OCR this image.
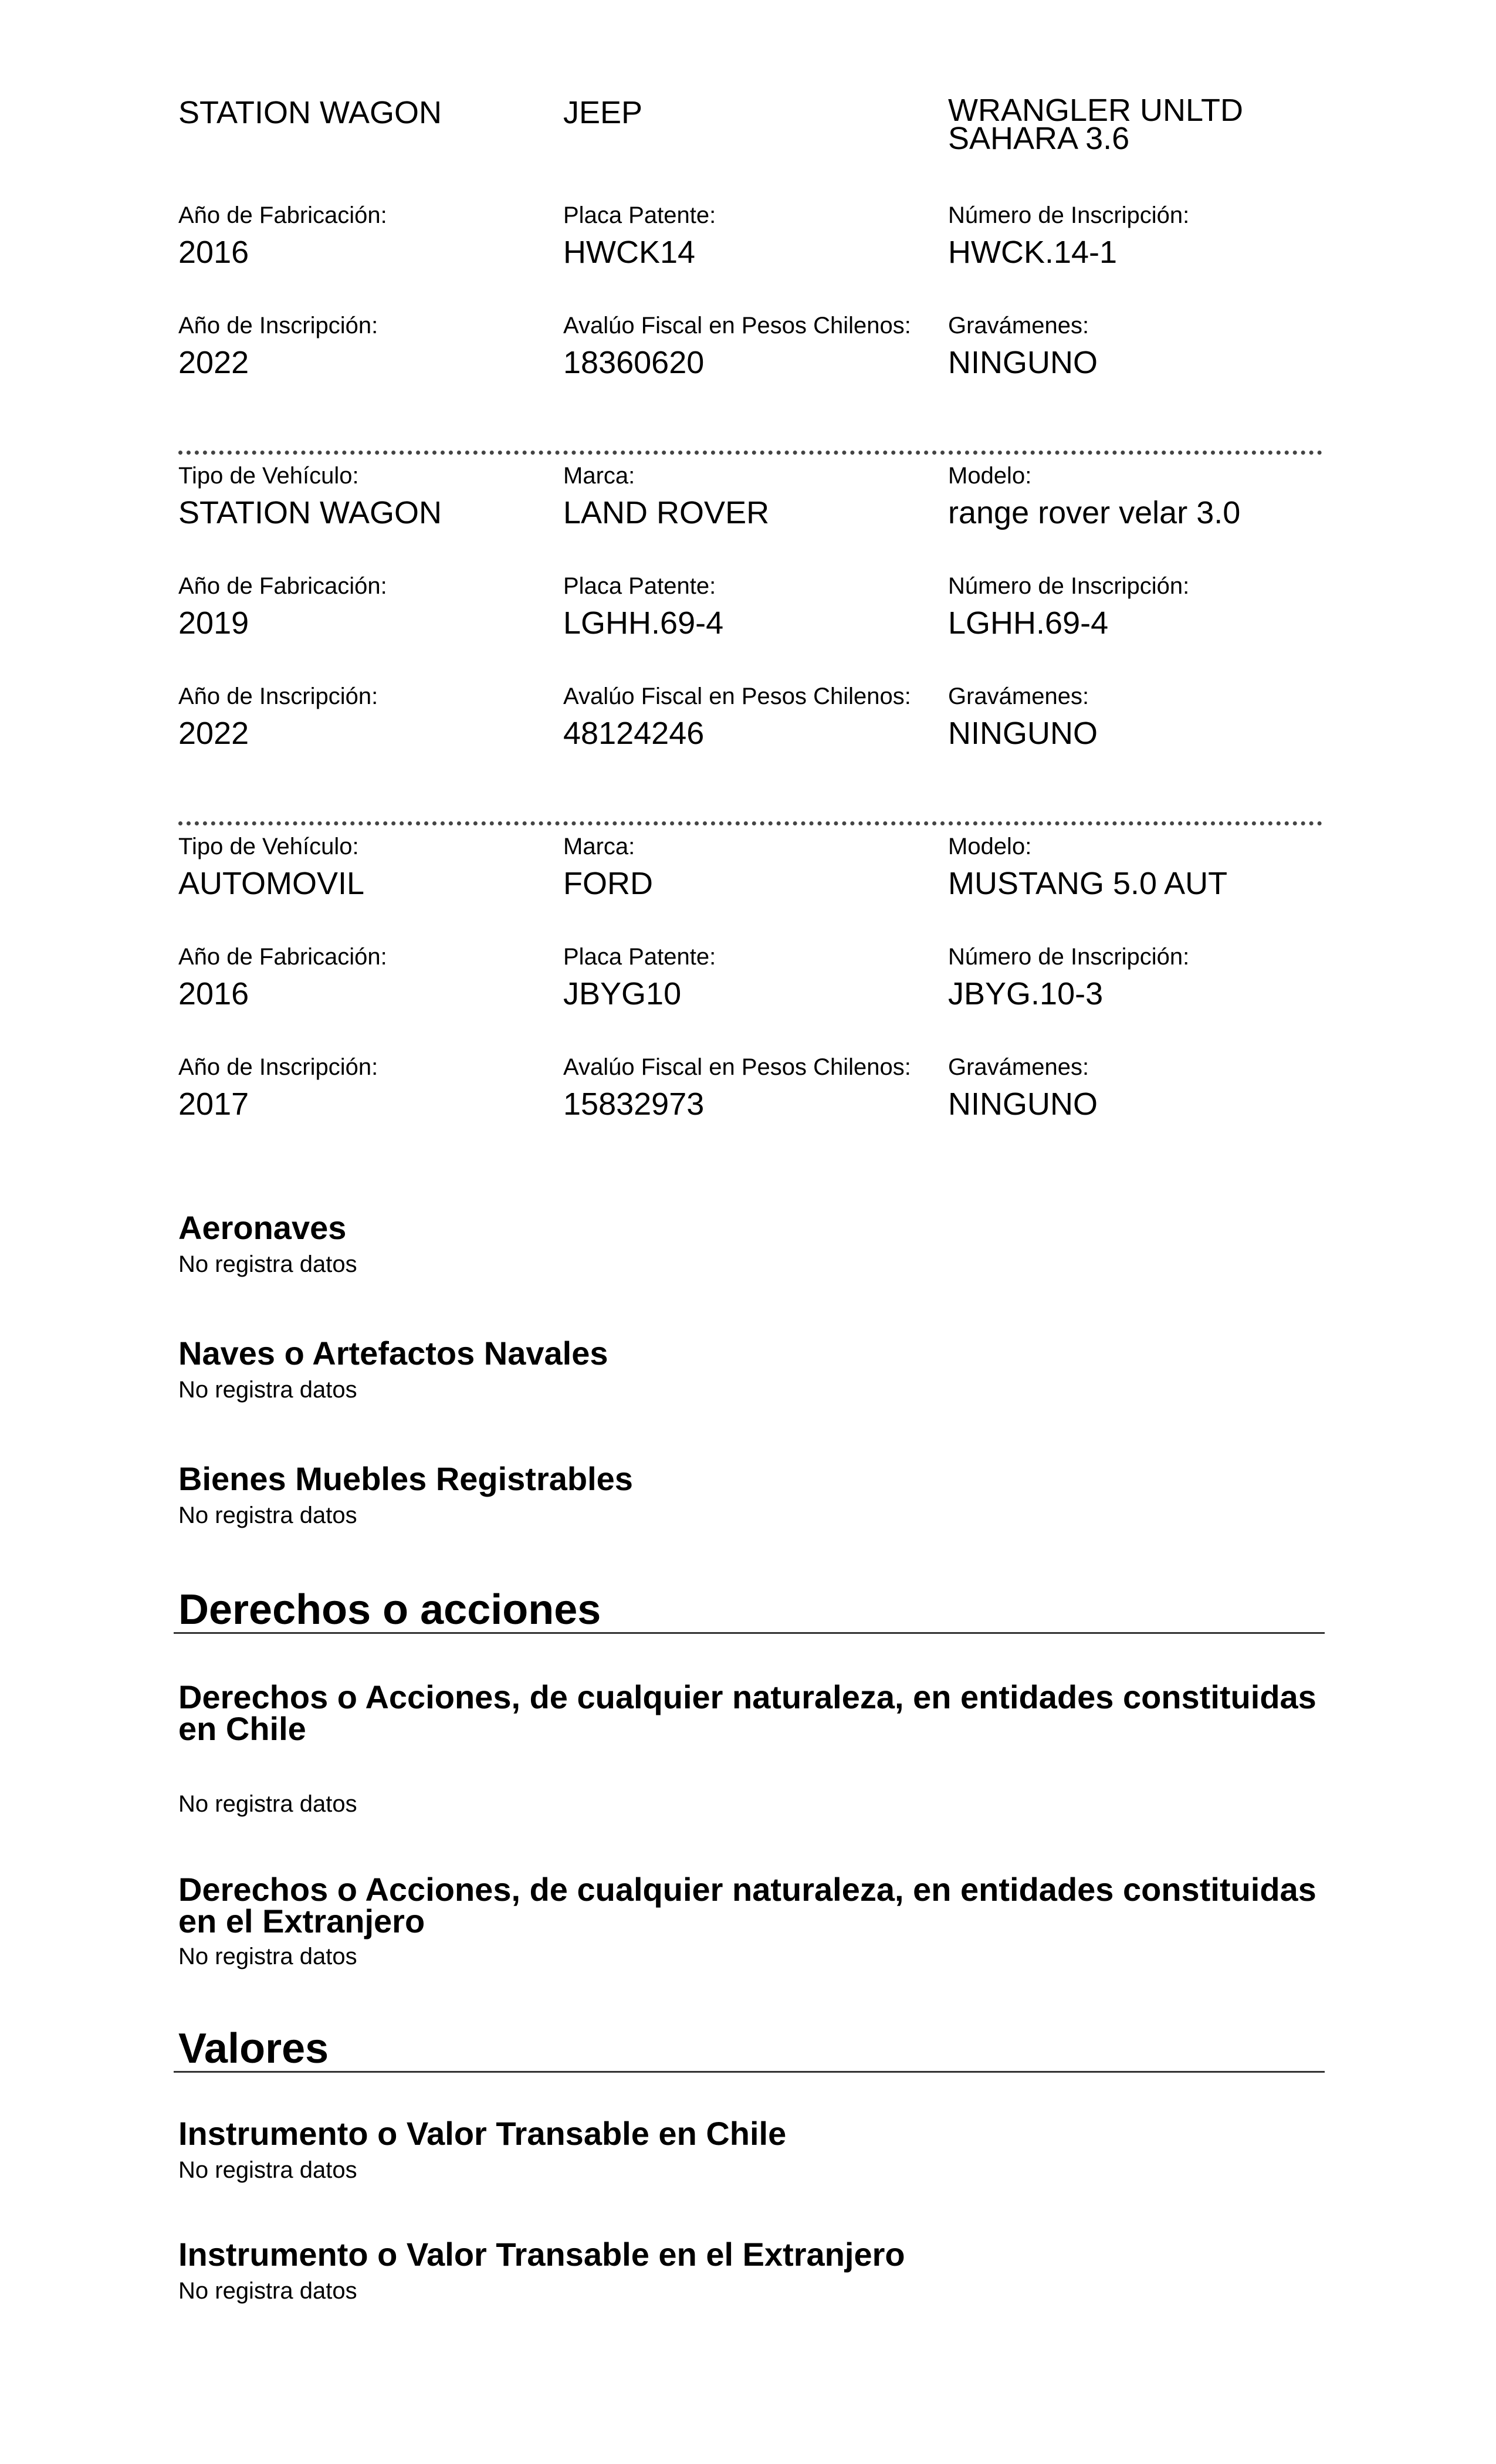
STATION WAGON	JEEP	WRANGLER UNLTD
SAHARA 3.6
Año de Fabricación:	Placa Patente:	Número de Inscripción:
2016	HWCK14	HWCK.14-1
Año de Inscripción:	Avalúo Fiscal en Pesos Chilenos: Gravámenes:
2022	18360620	NINGUNO
Tipo de Vehículo:	Marca:	Modelo:
STATION WAGON	LAND ROVER	range rover velar 3.0
Año de Fabricación:	Placa Patente:	Número de Inscripción:
2019	LGHH.69-4	LGHH.69-4
Año de Inscripción:	Avalúo Fiscal en Pesos Chilenos: Gravámenes:
2022	48124246	NINGUNO
Tipo de Vehículo:	Marca:	Modelo:
AUTOMOVIL	FORD	MUSTANG 5.0 AUT
Año de Fabricación:	Placa Patente:	Número de Inscripción:
2016	JBYG10	JBYG.10-3
Año de Inscripción:	Avalúo Fiscal en Pesos Chilenos: Gravámenes:
2017	15832973	NINGUNO
Aeronaves
No registra datos
Naves o Artefactos Navales
No registra datos
Bienes Muebles Registrables
No registra datos
Derechos o acciones
Derechos o Acciones, de cualquier naturaleza, en entidades constituidas en Chile
No registra datos
Derechos o Acciones, de cualquier naturaleza, en entidades constituidas en el Extranjero
No registra datos
Valores
Instrumento o Valor Transable en Chile
No registra datos
Instrumento o Valor Transable en el Extranjero
No registra datos
